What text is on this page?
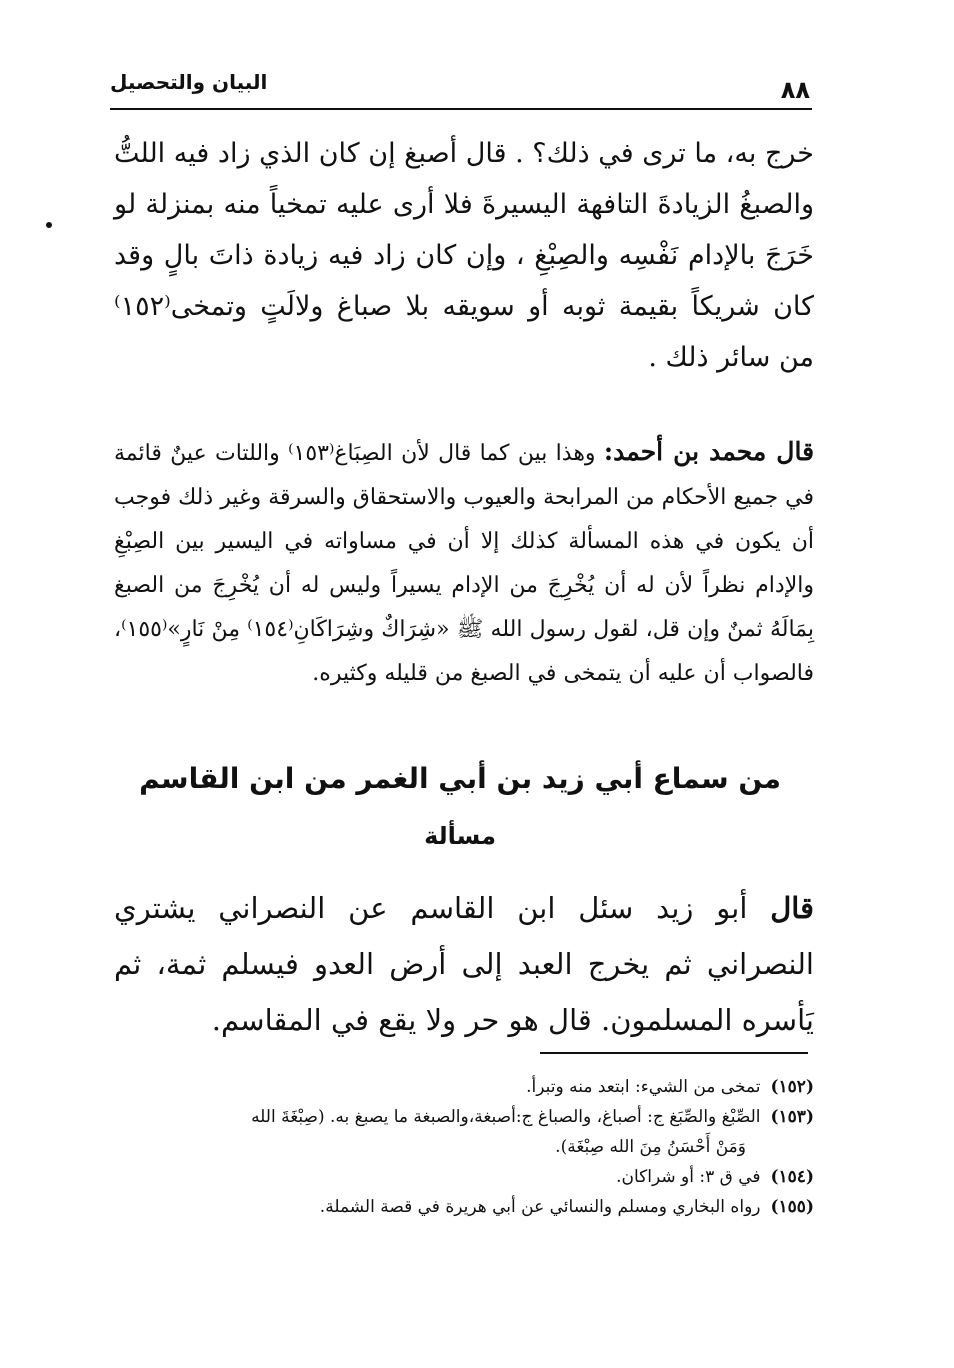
البيان والتحصيل	٨٨
خرج به، ما ترى في ذلك؟ . قال أصبغ إن كان الذي زاد فيه اللتُّ والصبغُ الزيادةَ التافهة اليسيرةَ فلا أرى عليه تمخياً منه بمنزلة لو خَرَجَ بالإدام نَفْسِه والصِبْغِ ، وإن كان زاد فيه زيادة ذاتَ بالٍ وقد كان شريكاً بقيمة ثوبه أو سويقه بلا صباغ ولالَتٍ وتمخى⁽١٥٢⁾ من سائر ذلك .
قال محمد بن أحمد: وهذا بين كما قال لأن الصِبَاغ⁽١٥٣⁾ واللتات عينٌ قائمة في جميع الأحكام من المرابحة والعيوب والاستحقاق والسرقة وغير ذلك فوجب أن يكون في هذه المسألة كذلك إلا أن في مساواته في اليسير بين الصِبْغِ والإدام نظراً لأن له أن يُخْرِجَ من الإدام يسيراً وليس له أن يُخْرِجَ من الصبغ بِمَالَهُ ثمنٌ وإن قل، لقول رسول الله ﷺ «شِرَاكٌ وشِرَاكَانِ⁽١٥٤⁾ مِنْ نَارٍ»⁽١٥٥⁾، فالصواب أن عليه أن يتمخى في الصبغ من قليله وكثيره.
من سماع أبي زيد بن أبي الغمر من ابن القاسم
مسألة
قال أبو زيد سئل ابن القاسم عن النصراني يشتري النصراني ثم يخرج العبد إلى أرض العدو فيسلم ثمة، ثم يَأسره المسلمون. قال هو حر ولا يقع في المقاسم.
(١٥٢)تمخى من الشيء: ابتعد منه وتبرأ.
(١٥٣)الصِّبْغ والصِّبَغ ج: أصباغ، والصباغ ج:أصبغة،والصبغة ما يصبغ به. (صِبْغَةَ الله
وَمَنْ أَحْسَنُ مِنَ الله صِبْغَة).
(١٥٤)في ق ٣: أو شراكان.
(١٥٥)رواه البخاري ومسلم والنسائي عن أبي هريرة في قصة الشملة.
